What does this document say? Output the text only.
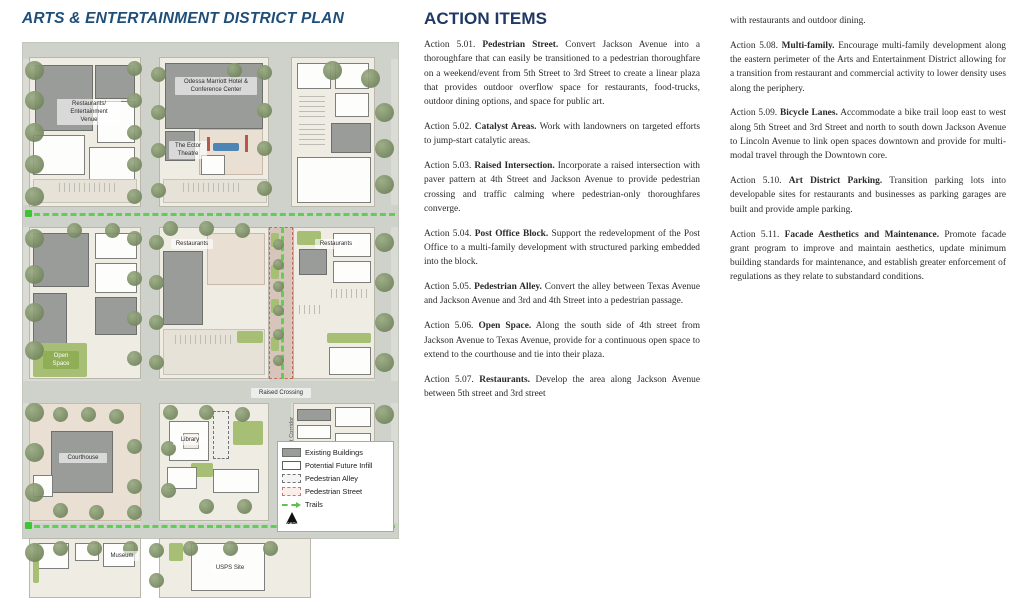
ARTS & ENTERTAINMENT DISTRICT PLAN
Restaurants/
Entertainment
Venue
Odessa Marriott Hotel &
Conference Center
The Ector
Theatre
Restaurants	Restaurants
Raised Crossing
Open
Space
Courthouse
Library
Museum
USPS Site
Existing Buildings
Potential Future Infill
Pedestrian Alley
Pedestrian Street
Trails
NORTH
ACTION ITEMS

Action 5.01. Pedestrian Street. Convert Jackson Avenue into a thoroughfare that can easily be transitioned to a pedestrian thoroughfare on a weekend/event from 5th Street to 3rd Street to create a linear plaza that provides outdoor overflow space for restaurants, food-trucks, outdoor dining options, and space for public art.

Action 5.02. Catalyst Areas. Work with landowners on targeted efforts to jump-start catalytic areas.

Action 5.03. Raised Intersection. Incorporate a raised intersection with paver pattern at 4th Street and Jackson Avenue to provide pedestrian crossing and traffic calming where pedestrian-only thoroughfares converge.

Action 5.04. Post Office Block. Support the redevelopment of the Post Office to a multi-family development with structured parking embedded into the block.

Action 5.05. Pedestrian Alley. Convert the alley between Texas Avenue and Jackson Avenue and 3rd and 4th Street into a pedestrian passage.

Action 5.06. Open Space. Along the south side of 4th street from Jackson Avenue to Texas Avenue, provide for a continuous open space to extend to the courthouse and tie into their plaza.

Action 5.07. Restaurants. Develop the area along Jackson Avenue between 5th street and 3rd street

with restaurants and outdoor dining.

Action 5.08. Multi-family. Encourage multi-family development along the eastern perimeter of the Arts and Entertainment District allowing for a transition from restaurant and commercial activity to lower density uses along the periphery.

Action 5.09. Bicycle Lanes. Accommodate a bike trail loop east to west along 5th Street and 3rd Street and north to south down Jackson Avenue to Lincoln Avenue to link open spaces downtown and provide for multi-modal travel through the Downtown core.

Action 5.10. Art District Parking. Transition parking lots into developable sites for restaurants and businesses as parking garages are built and provide ample parking.

Action 5.11. Facade Aesthetics and Maintenance. Promote facade grant program to improve and maintain aesthetics, update minimum building standards for maintenance, and establish greater enforcement of regulations as they relate to substandard conditions.
